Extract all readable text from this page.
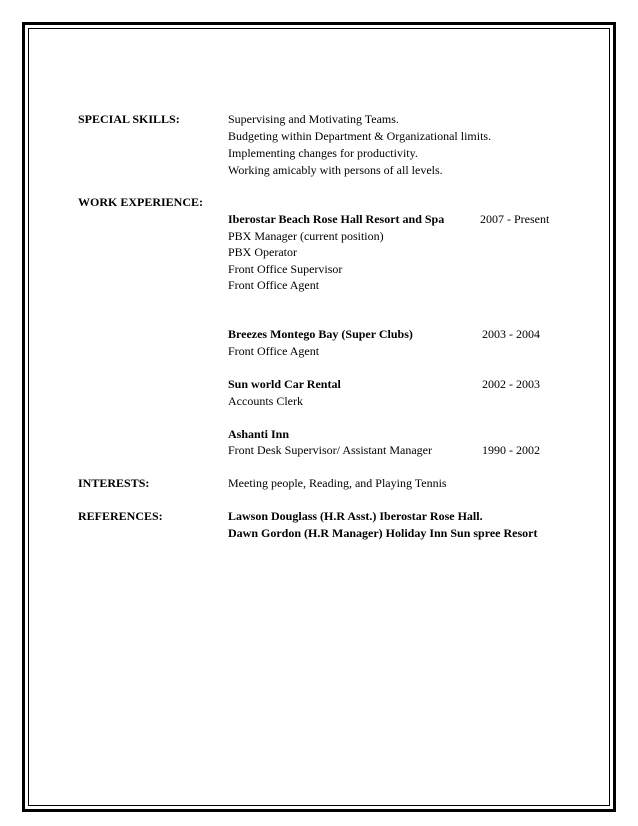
SPECIAL SKILLS:	Supervising and Motivating Teams.
Budgeting within Department & Organizational limits.
Implementing changes for productivity.
Working amicably with persons of all levels.
WORK EXPERIENCE:
Iberostar Beach Rose Hall Resort and Spa	2007 - Present
PBX Manager (current position)
PBX Operator
Front Office Supervisor
Front Office Agent
Breezes Montego Bay (Super Clubs)	2003 - 2004
Front Office Agent
Sun world Car Rental	2002 - 2003
Accounts Clerk
Ashanti Inn
Front Desk Supervisor/ Assistant Manager	1990 - 2002
INTERESTS:	Meeting people, Reading, and Playing Tennis
REFERENCES:	Lawson Douglass (H.R Asst.) Iberostar Rose Hall.
Dawn Gordon (H.R Manager) Holiday Inn Sun spree Resort
